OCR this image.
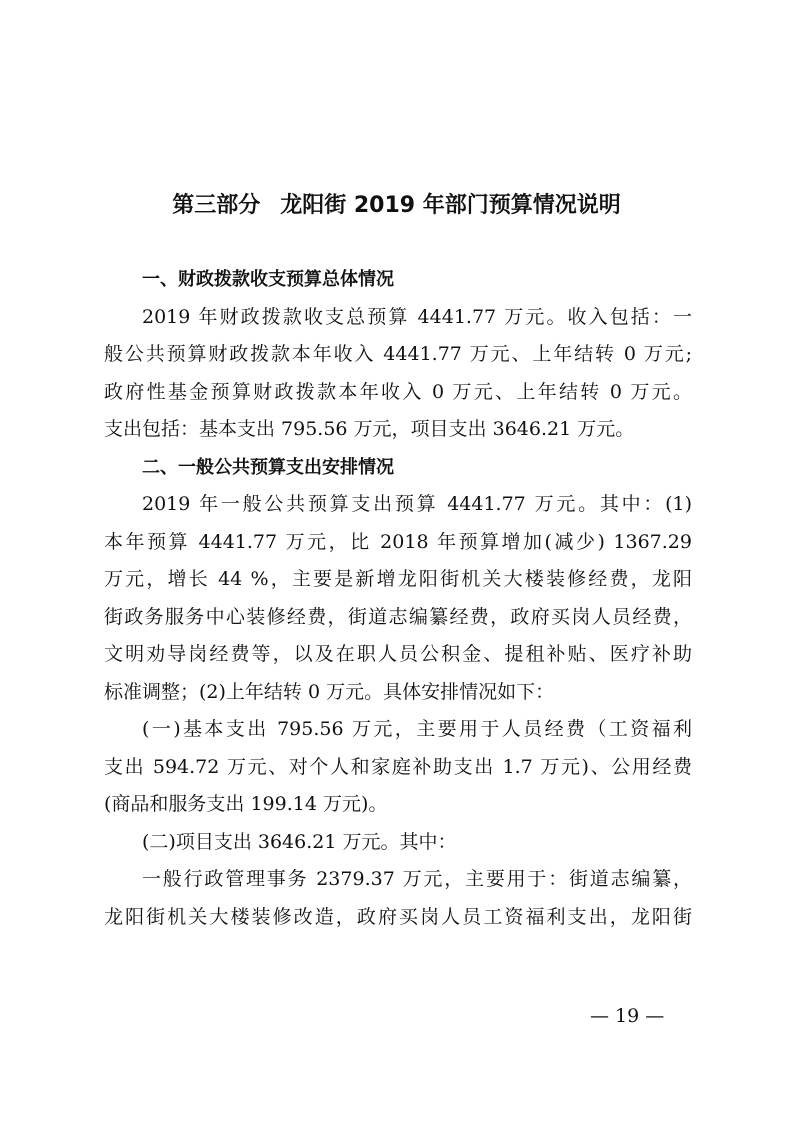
第三部分 龙阳街 2019 年部门预算情况说明
一、财政拨款收支预算总体情况
2019 年财政拨款收支总预算 4441.77 万元。收入包括：一
般公共预算财政拨款本年收入 4441.77 万元、上年结转 0 万元;
政府性基金预算财政拨款本年收入 0 万元、上年结转 0 万元。
支出包括：基本支出 795.56 万元，项目支出 3646.21 万元。
二、一般公共预算支出安排情况
2019 年一般公共预算支出预算 4441.77 万元。其中：(1)
本年预算 4441.77 万元，比 2018 年预算增加(减少) 1367.29
万元，增长 44 %，主要是新增龙阳街机关大楼装修经费，龙阳
街政务服务中心装修经费，街道志编纂经费，政府买岗人员经费，
文明劝导岗经费等，以及在职人员公积金、提租补贴、医疗补助
标准调整；(2)上年结转 0 万元。具体安排情况如下：
(一)基本支出 795.56 万元，主要用于人员经费（工资福利
支出 594.72 万元、对个人和家庭补助支出 1.7 万元)、公用经费
(商品和服务支出 199.14 万元)。
(二)项目支出 3646.21 万元。其中：
一般行政管理事务 2379.37 万元，主要用于：街道志编纂，
龙阳街机关大楼装修改造，政府买岗人员工资福利支出，龙阳街
— 19 —
